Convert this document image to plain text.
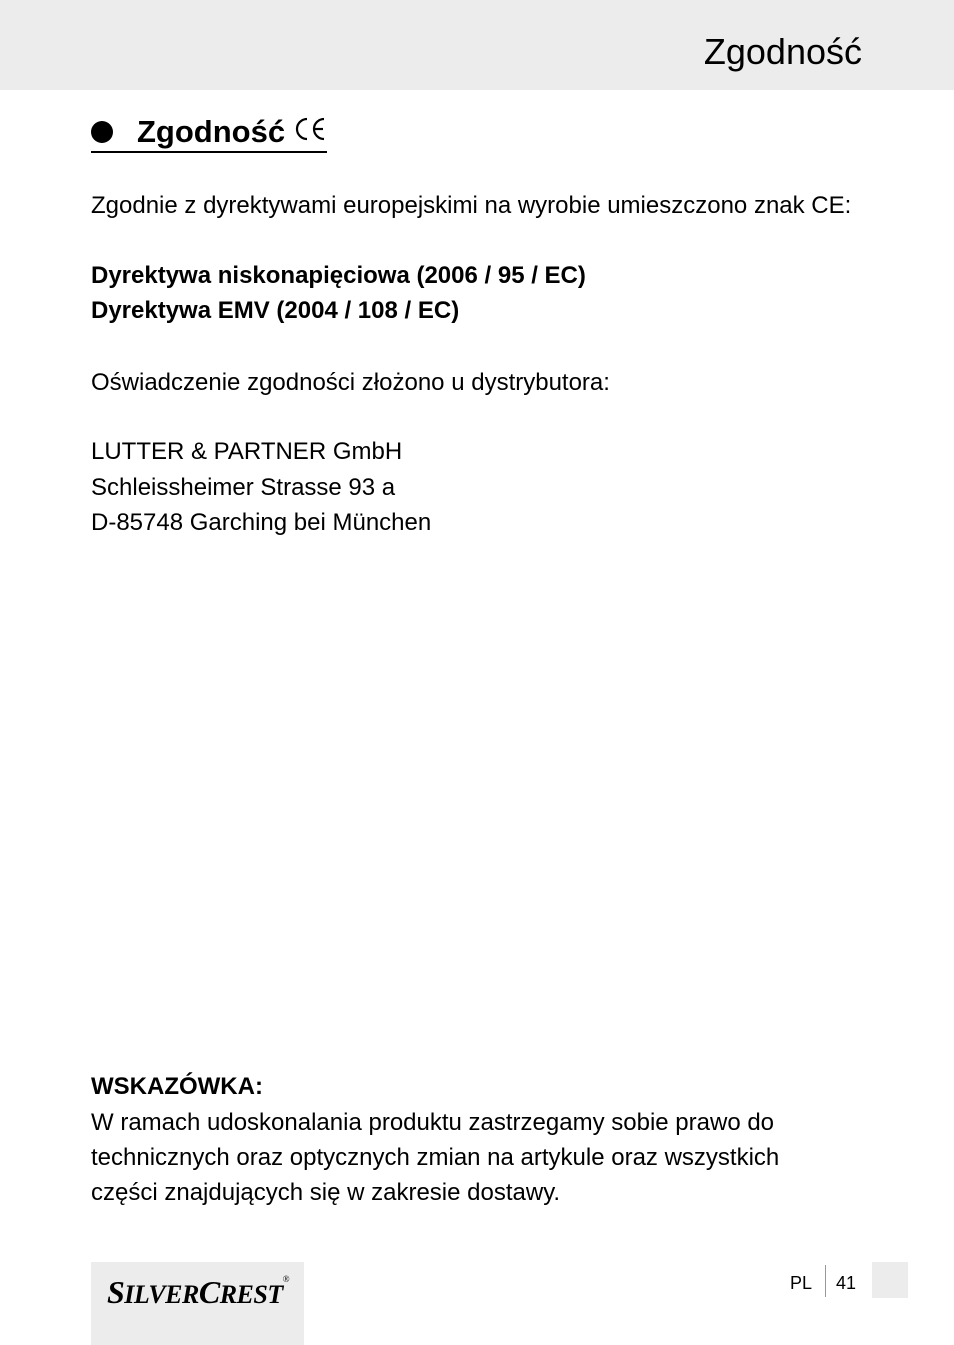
Zgodność
Zgodność

Zgodnie z dyrektywami europejskimi na wyrobie umieszczono znak CE:

Dyrektywa niskonapięciowa (2006 / 95 / EC)

Dyrektywa EMV (2004 / 108 / EC)

Oświadczenie zgodności złożono u dystrybutora:

LUTTER & PARTNER GmbH

Schleissheimer Strasse 93 a

D-85748 Garching bei München

WSKAZÓWKA:

W ramach udoskonalania produktu zastrzegamy sobie prawo do

technicznych oraz optycznych zmian na artykule oraz wszystkich

części znajdujących się w zakresie dostawy.

SILVERCREST®	PL 41
